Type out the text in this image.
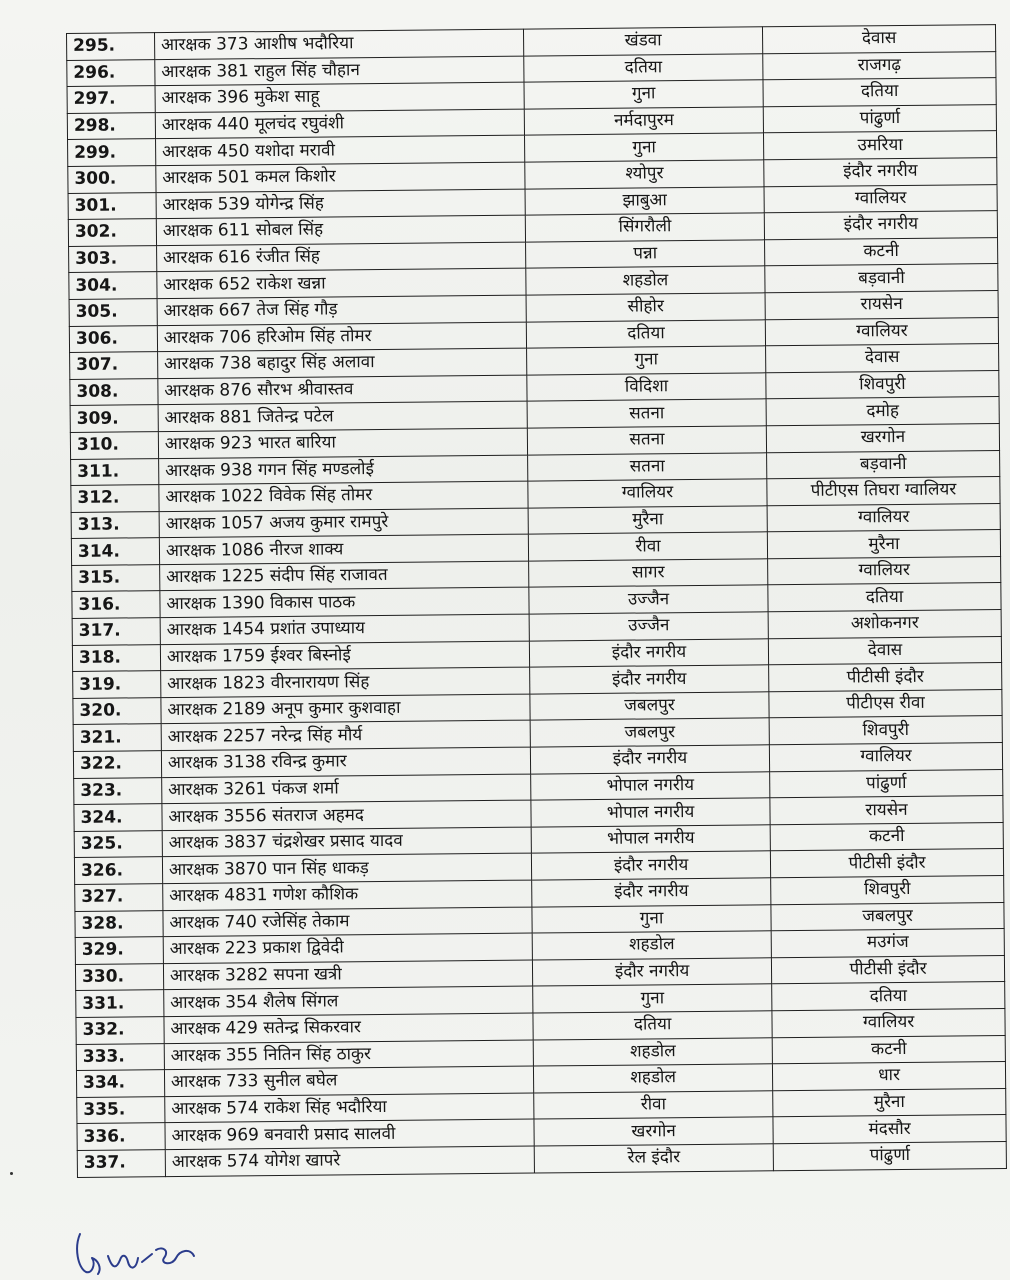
295.	आरक्षक 373 आशीष भदौरिया	खंडवा	देवास
296.	आरक्षक 381 राहुल सिंह चौहान	दतिया	राजगढ़
297.	आरक्षक 396 मुकेश साहू	गुना	दतिया
298.	आरक्षक 440 मूलचंद रघुवंशी	नर्मदापुरम	पांढुर्णा
299.	आरक्षक 450 यशोदा मरावी	गुना	उमरिया
300.	आरक्षक 501 कमल किशोर	श्योपुर	इंदौर नगरीय
301.	आरक्षक 539 योगेन्द्र सिंह	झाबुआ	ग्वालियर
302.	आरक्षक 611 सोबल सिंह	सिंगरौली	इंदौर नगरीय
303.	आरक्षक 616 रंजीत सिंह	पन्ना	कटनी
304.	आरक्षक 652 राकेश खन्ना	शहडोल	बड़वानी
305.	आरक्षक 667 तेज सिंह गौड़	सीहोर	रायसेन
306.	आरक्षक 706 हरिओम सिंह तोमर	दतिया	ग्वालियर
307.	आरक्षक 738 बहादुर सिंह अलावा	गुना	देवास
308.	आरक्षक 876 सौरभ श्रीवास्तव	विदिशा	शिवपुरी
309.	आरक्षक 881 जितेन्द्र पटेल	सतना	दमोह
310.	आरक्षक 923 भारत बारिया	सतना	खरगोन
311.	आरक्षक 938 गगन सिंह मण्डलोई	सतना	बड़वानी
312.	आरक्षक 1022 विवेक सिंह तोमर	ग्वालियर	पीटीएस तिघरा ग्वालियर
313.	आरक्षक 1057 अजय कुमार रामपुरे	मुरैना	ग्वालियर
314.	आरक्षक 1086 नीरज शाक्य	रीवा	मुरैना
315.	आरक्षक 1225 संदीप सिंह राजावत	सागर	ग्वालियर
316.	आरक्षक 1390 विकास पाठक	उज्जैन	दतिया
317.	आरक्षक 1454 प्रशांत उपाध्याय	उज्जैन	अशोकनगर
318.	आरक्षक 1759 ईश्वर बिस्नोई	इंदौर नगरीय	देवास
319.	आरक्षक 1823 वीरनारायण सिंह	इंदौर नगरीय	पीटीसी इंदौर
320.	आरक्षक 2189 अनूप कुमार कुशवाहा	जबलपुर	पीटीएस रीवा
321.	आरक्षक 2257 नरेन्द्र सिंह मौर्य	जबलपुर	शिवपुरी
322.	आरक्षक 3138 रविन्द्र कुमार	इंदौर नगरीय	ग्वालियर
323.	आरक्षक 3261 पंकज शर्मा	भोपाल नगरीय	पांढुर्णा
324.	आरक्षक 3556 संतराज अहमद	भोपाल नगरीय	रायसेन
325.	आरक्षक 3837 चंद्रशेखर प्रसाद यादव	भोपाल नगरीय	कटनी
326.	आरक्षक 3870 पान सिंह धाकड़	इंदौर नगरीय	पीटीसी इंदौर
327.	आरक्षक 4831 गणेश कौशिक	इंदौर नगरीय	शिवपुरी
328.	आरक्षक 740 रजेसिंह तेकाम	गुना	जबलपुर
329.	आरक्षक 223 प्रकाश द्विवेदी	शहडोल	मउगंज
330.	आरक्षक 3282 सपना खत्री	इंदौर नगरीय	पीटीसी इंदौर
331.	आरक्षक 354 शैलेष सिंगल	गुना	दतिया
332.	आरक्षक 429 सतेन्द्र सिकरवार	दतिया	ग्वालियर
333.	आरक्षक 355 नितिन सिंह ठाकुर	शहडोल	कटनी
334.	आरक्षक 733 सुनील बघेल	शहडोल	धार
335.	आरक्षक 574 राकेश सिंह भदौरिया	रीवा	मुरैना
336.	आरक्षक 969 बनवारी प्रसाद सालवी	खरगोन	मंदसौर
337.	आरक्षक 574 योगेश खापरे	रेल इंदौर	पांढुर्णा
